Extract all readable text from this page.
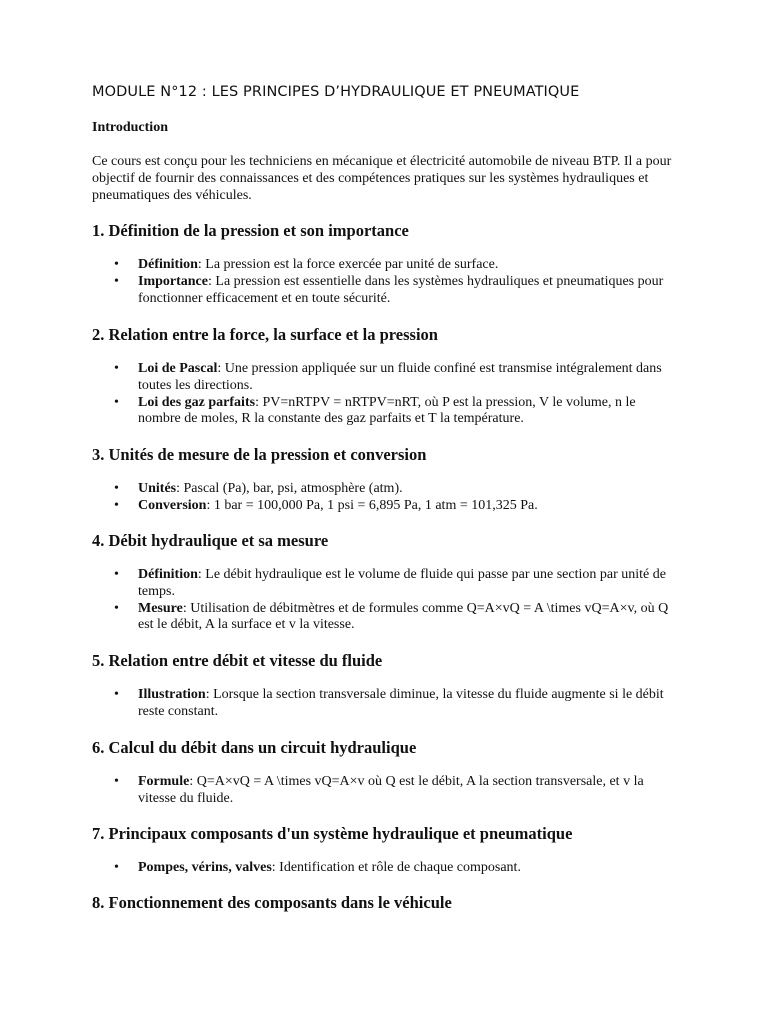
MODULE N°12 : LES PRINCIPES D’HYDRAULIQUE ET PNEUMATIQUE
Introduction

Ce cours est conçu pour les techniciens en mécanique et électricité automobile de niveau BTP. Il a pour objectif de fournir des connaissances et des compétences pratiques sur les systèmes hydrauliques et pneumatiques des véhicules.

1. Définition de la pression et son importance
• Définition: La pression est la force exercée par unité de surface.
• Importance: La pression est essentielle dans les systèmes hydrauliques et pneumatiques pour fonctionner efficacement et en toute sécurité.
2. Relation entre la force, la surface et la pression
• Loi de Pascal: Une pression appliquée sur un fluide confiné est transmise intégralement dans toutes les directions.
• Loi des gaz parfaits: PV=nRTPV = nRTPV=nRT, où P est la pression, V le volume, n le nombre de moles, R la constante des gaz parfaits et T la température.
3. Unités de mesure de la pression et conversion
• Unités: Pascal (Pa), bar, psi, atmosphère (atm).
• Conversion: 1 bar = 100,000 Pa, 1 psi = 6,895 Pa, 1 atm = 101,325 Pa.
4. Débit hydraulique et sa mesure
• Définition: Le débit hydraulique est le volume de fluide qui passe par une section par unité de temps.
• Mesure: Utilisation de débitmètres et de formules comme Q=A×vQ = A \times vQ=A×v, où Q est le débit, A la surface et v la vitesse.
5. Relation entre débit et vitesse du fluide
• Illustration: Lorsque la section transversale diminue, la vitesse du fluide augmente si le débit reste constant.
6. Calcul du débit dans un circuit hydraulique
• Formule: Q=A×vQ = A \times vQ=A×v où Q est le débit, A la section transversale, et v la vitesse du fluide.
7. Principaux composants d'un système hydraulique et pneumatique
• Pompes, vérins, valves: Identification et rôle de chaque composant.
8. Fonctionnement des composants dans le véhicule
